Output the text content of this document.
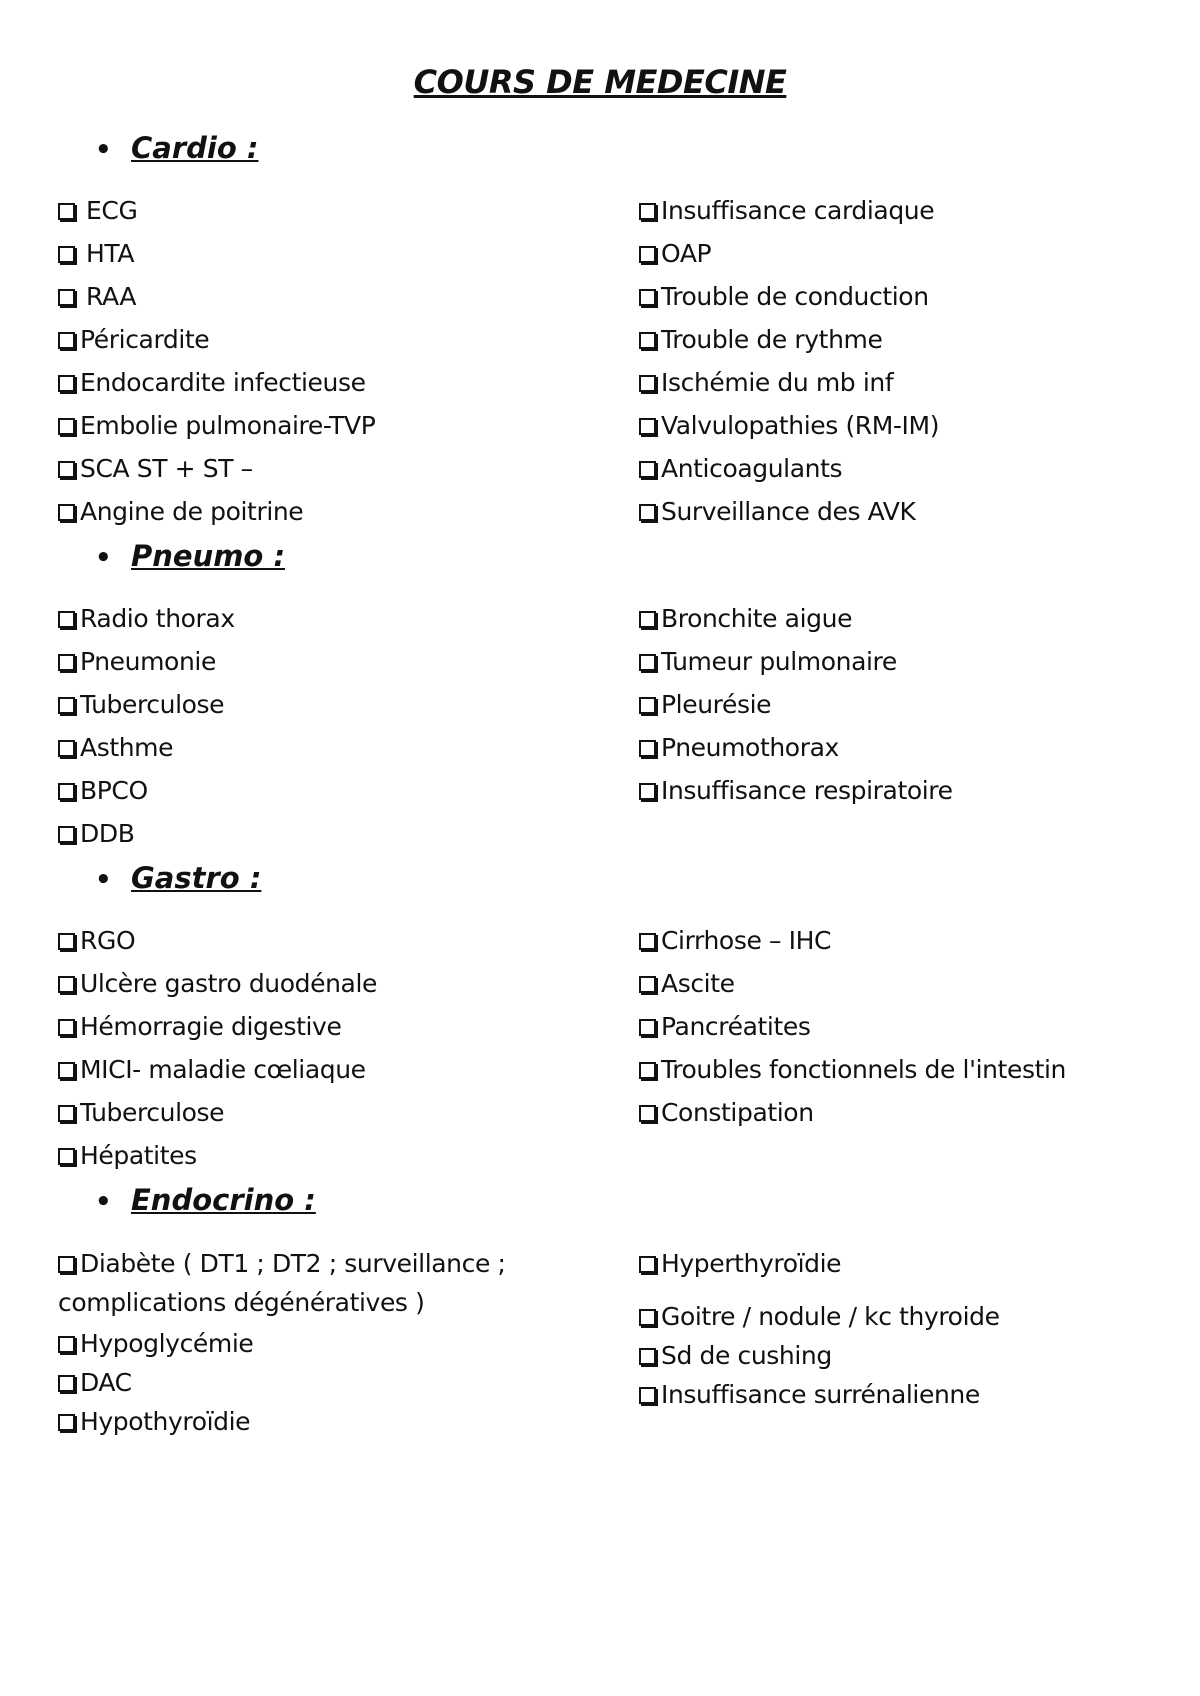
COURS DE MEDECINE
• Cardio :
ECG
HTA
RAA
Péricardite
Endocardite infectieuse
Embolie pulmonaire-TVP
SCA ST + ST –
Angine de poitrine
Insuffisance cardiaque
OAP
Trouble de conduction
Trouble de rythme
Ischémie du mb inf
Valvulopathies (RM-IM)
Anticoagulants
Surveillance des AVK
• Pneumo :
Radio thorax
Pneumonie
Tuberculose
Asthme
BPCO
DDB
Bronchite aigue
Tumeur pulmonaire
Pleurésie
Pneumothorax
Insuffisance respiratoire
• Gastro :
RGO
Ulcère gastro duodénale
Hémorragie digestive
MICI- maladie cœliaque
Tuberculose
Hépatites
Cirrhose – IHC
Ascite
Pancréatites
Troubles fonctionnels de l'intestin
Constipation
• Endocrino :
Diabète ( DT1 ; DT2 ; surveillance ; complications dégénératives )
Hypoglycémie
DAC
Hypothyroïdie
Hyperthyroïdie
Goitre / nodule / kc thyroide
Sd de cushing
Insuffisance surrénalienne
